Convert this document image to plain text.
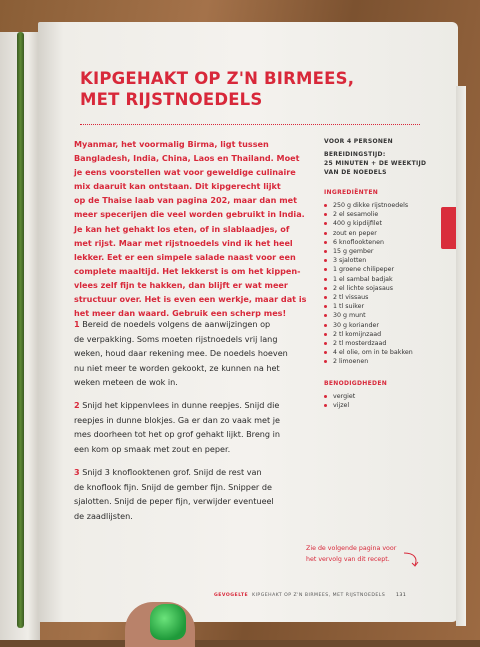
KIPGEHAKT OP Z'N BIRMEES,
MET RIJSTNOEDELS

Myanmar, het voormalig Birma, ligt tussen
Bangladesh, India, China, Laos en Thailand. Moet
je eens voorstellen wat voor geweldige culinaire
mix daaruit kan ontstaan. Dit kipgerecht lijkt
op de Thaise laab van pagina 202, maar dan met
meer specerijen die veel worden gebruikt in India.
Je kan het gehakt los eten, of in slablaadjes, of
met rijst. Maar met rijstnoedels vind ik het heel
lekker. Eet er een simpele salade naast voor een
complete maaltijd. Het lekkerst is om het kippen-
vlees zelf fijn te hakken, dan blijft er wat meer
structuur over. Het is even een werkje, maar dat is
het meer dan waard. Gebruik een scherp mes!

1 Bereid de noedels volgens de aanwijzingen op
de verpakking. Soms moeten rijstnoedels vrij lang
weken, houd daar rekening mee. De noedels hoeven
nu niet meer te worden gekookt, ze kunnen na het
weken meteen de wok in.
2 Snijd het kippenvlees in dunne reepjes. Snijd die
reepjes in dunne blokjes. Ga er dan zo vaak met je
mes doorheen tot het op grof gehakt lijkt. Breng in
een kom op smaak met zout en peper.
3 Snijd 3 knoflooktenen grof. Snijd de rest van
de knoflook fijn. Snijd de gember fijn. Snipper de
sjalotten. Snijd de peper fijn, verwijder eventueel
de zaadlijsten.

VOOR 4 PERSONEN

BEREIDINGSTIJD:

25 MINUTEN + DE WEEKTIJD

VAN DE NOEDELS

INGREDIËNTEN

250 g dikke rijstnoedels
2 el sesamolie
400 g kipdijfilet
zout en peper
6 knoflooktenen
15 g gember
3 sjalotten
1 groene chilipeper
1 el sambal badjak
2 el lichte sojasaus
2 tl vissaus
1 tl suiker
30 g munt
30 g koriander
2 tl komijnzaad
2 tl mosterdzaad
4 el olie, om in te bakken
2 limoenen

BENODIGDHEDEN

vergiet
vijzel
Zie de volgende pagina voor
het vervolg van dit recept.
GEVOGELTE KIPGEHAKT OP Z'N BIRMEES, MET RIJSTNOEDELS 131
